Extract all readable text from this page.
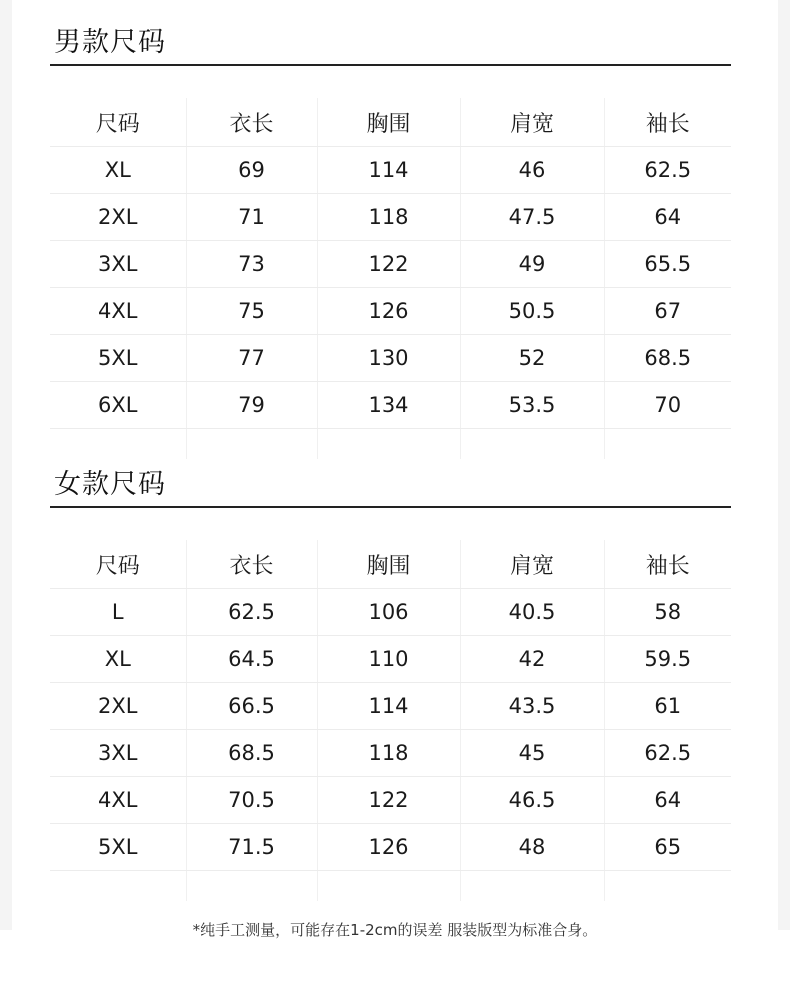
男款尺码
尺码	衣长	胸围	肩宽	袖长
XL	69	114	46	62.5
2XL	71	118	47.5	64
3XL	73	122	49	65.5
4XL	75	126	50.5	67
5XL	77	130	52	68.5
6XL	79	134	53.5	70

女款尺码
尺码	衣长	胸围	肩宽	袖长
L	62.5	106	40.5	58
XL	64.5	110	42	59.5
2XL	66.5	114	43.5	61
3XL	68.5	118	45	62.5
4XL	70.5	122	46.5	64
5XL	71.5	126	48	65

*纯手工测量，可能存在1-2cm的误差 服装版型为标准合身。
